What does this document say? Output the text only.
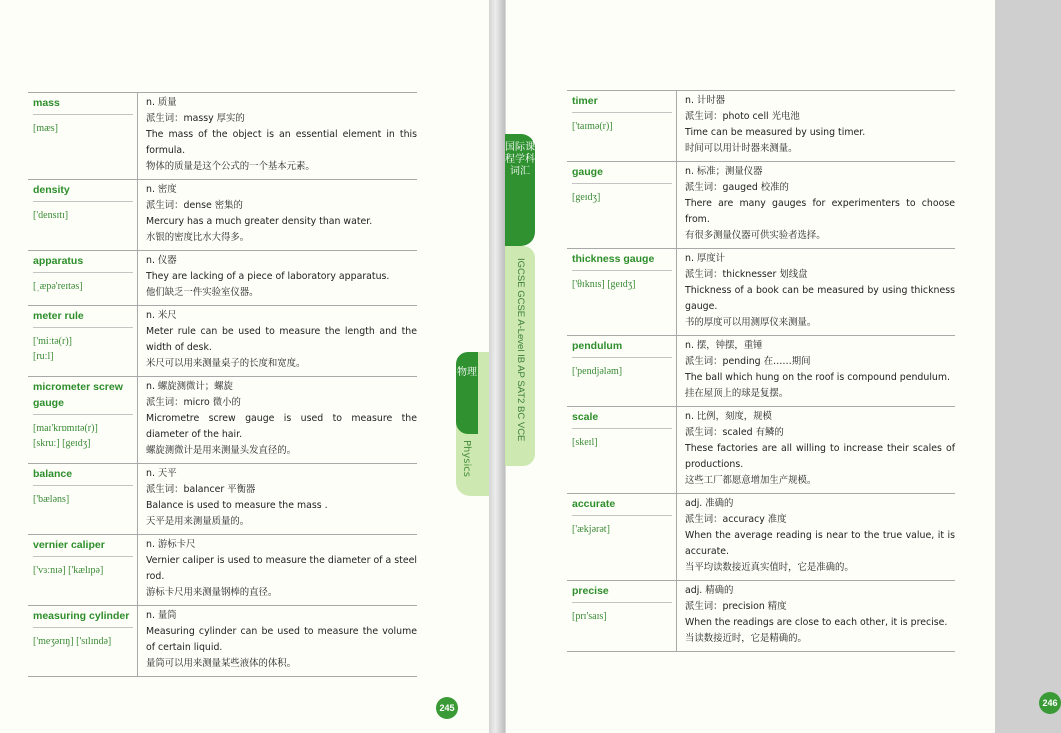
mass
[mæs]
n. 质量
派生词：massy 厚实的
The mass of the object is an essential element in this formula.
物体的质量是这个公式的一个基本元素。
density
['densɪtɪ]
n. 密度
派生词：dense 密集的
Mercury has a much greater density than water.
水银的密度比水大得多。
apparatus
[ˌæpə'reɪtəs]
n. 仪器
They are lacking of a piece of laboratory apparatus.
他们缺乏一件实验室仪器。
meter rule
['miːtə(r)]
[ruːl]
n. 米尺
Meter rule can be used to measure the length and the width of desk.
米尺可以用来测量桌子的长度和宽度。
micrometer screw gauge
[maɪ'krɒmɪtə(r)]
[skruː] [geɪdʒ]
n. 螺旋测微计；螺旋
派生词：micro 微小的
Micrometre screw gauge is used to measure the diameter of the hair.
螺旋测微计是用来测量头发直径的。
balance
['bæləns]
n. 天平
派生词：balancer 平衡器
Balance is used to measure the mass .
天平是用来测量质量的。
vernier caliper
['vɜːnɪə] ['kælɪpə]
n. 游标卡尺
Vernier caliper is used to measure the diameter of a steel rod.
游标卡尺用来测量钢棒的直径。
measuring cylinder
['meʒərɪŋ] ['sɪlɪndə]
n. 量筒
Measuring cylinder can be used to measure the volume of certain liquid.
量筒可以用来测量某些液体的体积。
245
timer
['taɪmə(r)]
n. 计时器
派生词：photo cell 光电池
Time can be measured by using timer.
时间可以用计时器来测量。
gauge
[geɪdʒ]
n. 标准；测量仪器
派生词：gauged 校准的
There are many gauges for experimenters to choose from.
有很多测量仪器可供实验者选择。
thickness gauge
['θɪknɪs] [geɪdʒ]
n. 厚度计
派生词：thicknesser 划线盘
Thickness of a book can be measured by using thickness gauge.
书的厚度可以用测厚仪来测量。
pendulum
['pendjələm]
n. 摆，钟摆，重锤
派生词：pending 在……期间
The ball which hung on the roof is compound pendulum.
挂在屋顶上的球是复摆。
scale
[skeɪl]
n. 比例，刻度，规模
派生词：scaled 有鳞的
These factories are all willing to increase their scales of productions.
这些工厂都愿意增加生产规模。
accurate
['ækjərət]
adj. 准确的
派生词：accuracy 准度
When the average reading is near to the true value, it is accurate.
当平均读数接近真实值时，它是准确的。
precise
[prɪ'saɪs]
adj. 精确的
派生词：precision 精度
When the readings are close to each other, it is precise.
当读数接近时，它是精确的。
246
物理
Physics
国际课程学科词汇
IGCSE GCSE A-Level IB AP SAT2 BC VCE
